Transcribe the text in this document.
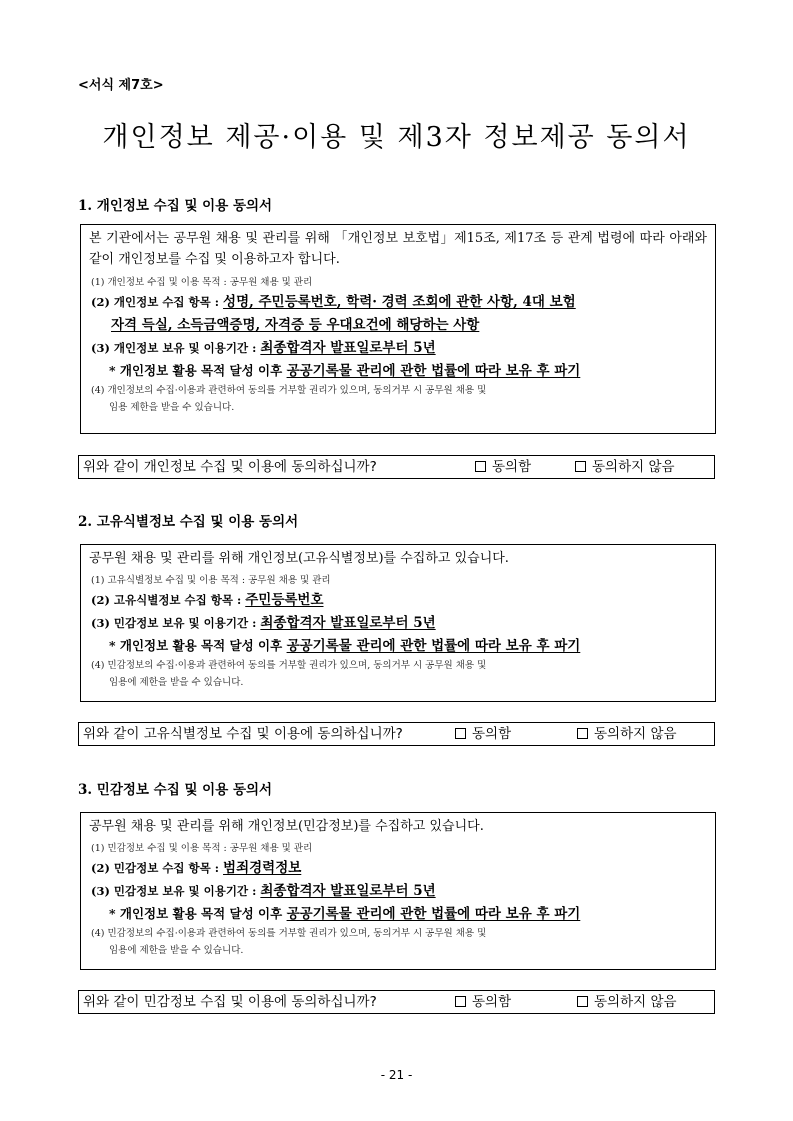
<서식 제7호>
개인정보 제공·이용 및 제3자 정보제공 동의서
1. 개인정보 수집 및 이용 동의서
본 기관에서는 공무원 채용 및 관리를 위해 「개인정보 보호법」제15조, 제17조 등 관계 법령에 따라 아래와 같이 개인정보를 수집 및 이용하고자 합니다.
(1) 개인정보 수집 및 이용 목적 : 공무원 채용 및 관리
(2) 개인정보 수집 항목 : 성명, 주민등록번호, 학력· 경력 조회에 관한 사항, 4대 보험
자격 득실, 소득금액증명, 자격증 등 우대요건에 해당하는 사항
(3) 개인정보 보유 및 이용기간 : 최종합격자 발표일로부터 5년
* 개인정보 활용 목적 달성 이후 공공기록물 관리에 관한 법률에 따라 보유 후 파기
(4) 개인정보의 수집·이용과 관련하여 동의를 거부할 권리가 있으며, 동의거부 시 공무원 채용 및
임용 제한을 받을 수 있습니다.
위와 같이 개인정보 수집 및 이용에 동의하십니까?	동의함	동의하지 않음
2. 고유식별정보 수집 및 이용 동의서
공무원 채용 및 관리를 위해 개인정보(고유식별정보)를 수집하고 있습니다.
(1) 고유식별정보 수집 및 이용 목적 : 공무원 채용 및 관리
(2) 고유식별정보 수집 항목 : 주민등록번호
(3) 민감정보 보유 및 이용기간 : 최종합격자 발표일로부터 5년
* 개인정보 활용 목적 달성 이후 공공기록물 관리에 관한 법률에 따라 보유 후 파기
(4) 민감정보의 수집·이용과 관련하여 동의를 거부할 권리가 있으며, 동의거부 시 공무원 채용 및
임용에 제한을 받을 수 있습니다.
위와 같이 고유식별정보 수집 및 이용에 동의하십니까?	동의함	동의하지 않음
3. 민감정보 수집 및 이용 동의서
공무원 채용 및 관리를 위해 개인정보(민감정보)를 수집하고 있습니다.
(1) 민감정보 수집 및 이용 목적 : 공무원 채용 및 관리
(2) 민감정보 수집 항목 : 범죄경력정보
(3) 민감정보 보유 및 이용기간 : 최종합격자 발표일로부터 5년
* 개인정보 활용 목적 달성 이후 공공기록물 관리에 관한 법률에 따라 보유 후 파기
(4) 민감정보의 수집·이용과 관련하여 동의를 거부할 권리가 있으며, 동의거부 시 공무원 채용 및
임용에 제한을 받을 수 있습니다.
위와 같이 민감정보 수집 및 이용에 동의하십니까?	동의함	동의하지 않음
- 21 -
